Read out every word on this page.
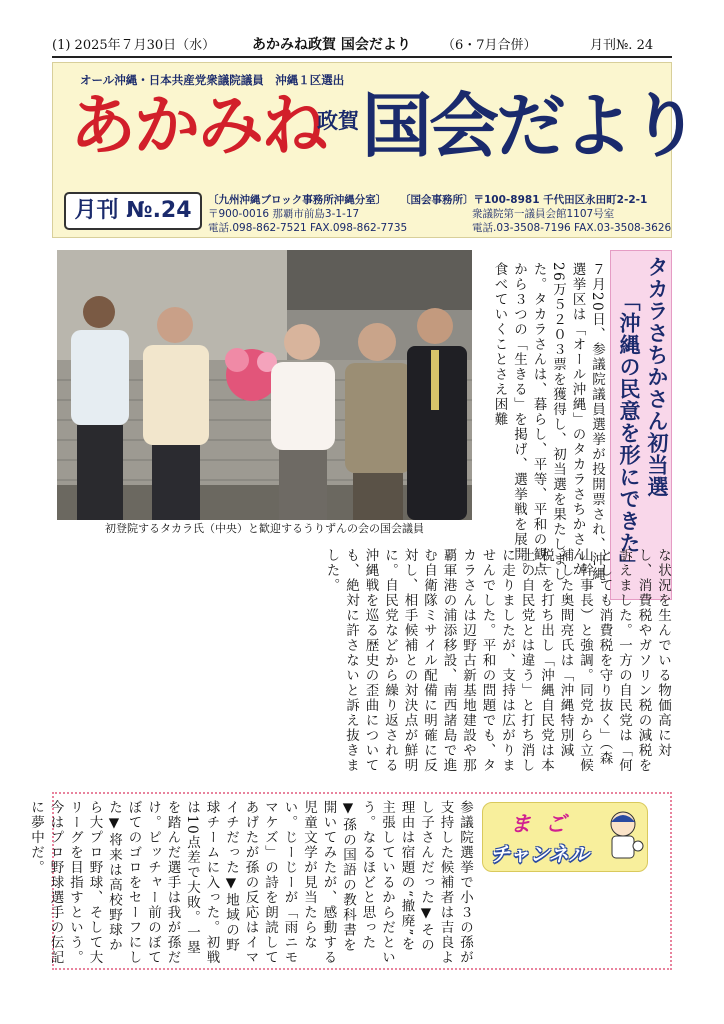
(1) 2025年７月30日（水）	あかみね政賀 国会だより （6・7月合併）	月刊№. 24
オール沖縄・日本共産党衆議院議員　沖縄１区選出
あかみね
政賀 国会だより
月刊 №.24	〔九州沖縄ブロック事務所沖縄分室〕
〒900-0016 那覇市前島3-1-17
電話.098-862-7521 FAX.098-862-7735
〔国会事務所〕〒100-8981 千代田区永田町2-2-1
衆議院第一議員会館1107号室
電話.03-3508-7196 FAX.03-3508-3626
初登院するタカラ氏（中央）と歓迎するうりずんの会の国会議員
タカラさちかさん初当選
「沖縄の民意を形にできた」
７月20日、参議院議員選挙が投開票され、沖縄選挙区は「オール沖縄」のタカラさちかさんが26万５２０３票を獲得し、初当選を果たしました。タカラさんは、暮らし、平等、平和の観点から３つの「生きる」を掲げ、選挙戦を展開。食べていくことさえ困難
な状況を生んでいる物価高に対し、消費税やガソリン税の減税を訴えました。一方の自民党は「何としても消費税を守り抜く」（森山幹事長）と強調。同党から立候補した奥間亮氏は「沖縄特別減税」を打ち出し「沖縄自民党は本土の自民党とは違う」と打ち消しに走りましたが、支持は広がりませんでした。平和の問題でも、タカラさんは辺野古新基地建設や那覇軍港の浦添移設、南西諸島で進む自衛隊ミサイル配備に明確に反対し、相手候補との対決点が鮮明に。自民党などから繰り返される沖縄戦を巡る歴史の歪曲についても、絶対に許さないと訴え抜きました。
まご
チャンネル
参議院選挙で小３の孫が支持した候補者は吉良よし子さんだった▼その理由は宿題の“撤廃”を主張しているからだという。なるほどと思った▼孫の国語の教科書を開いてみたが、感動する児童文学が見当たらない。じーじーが「雨ニモマケズ」の詩を朗読してあげたが孫の反応はイマイチだった▼地域の野球チームに入った。初戦は10点差で大敗。一塁を踏んだ選手は我が孫だけ。ピッチャー前のぼてぼてのゴロをセーフにした▼将来は高校野球から大プロ野球、そして大リーグを目指すという。今はプロ野球選手の伝記に夢中だ。
